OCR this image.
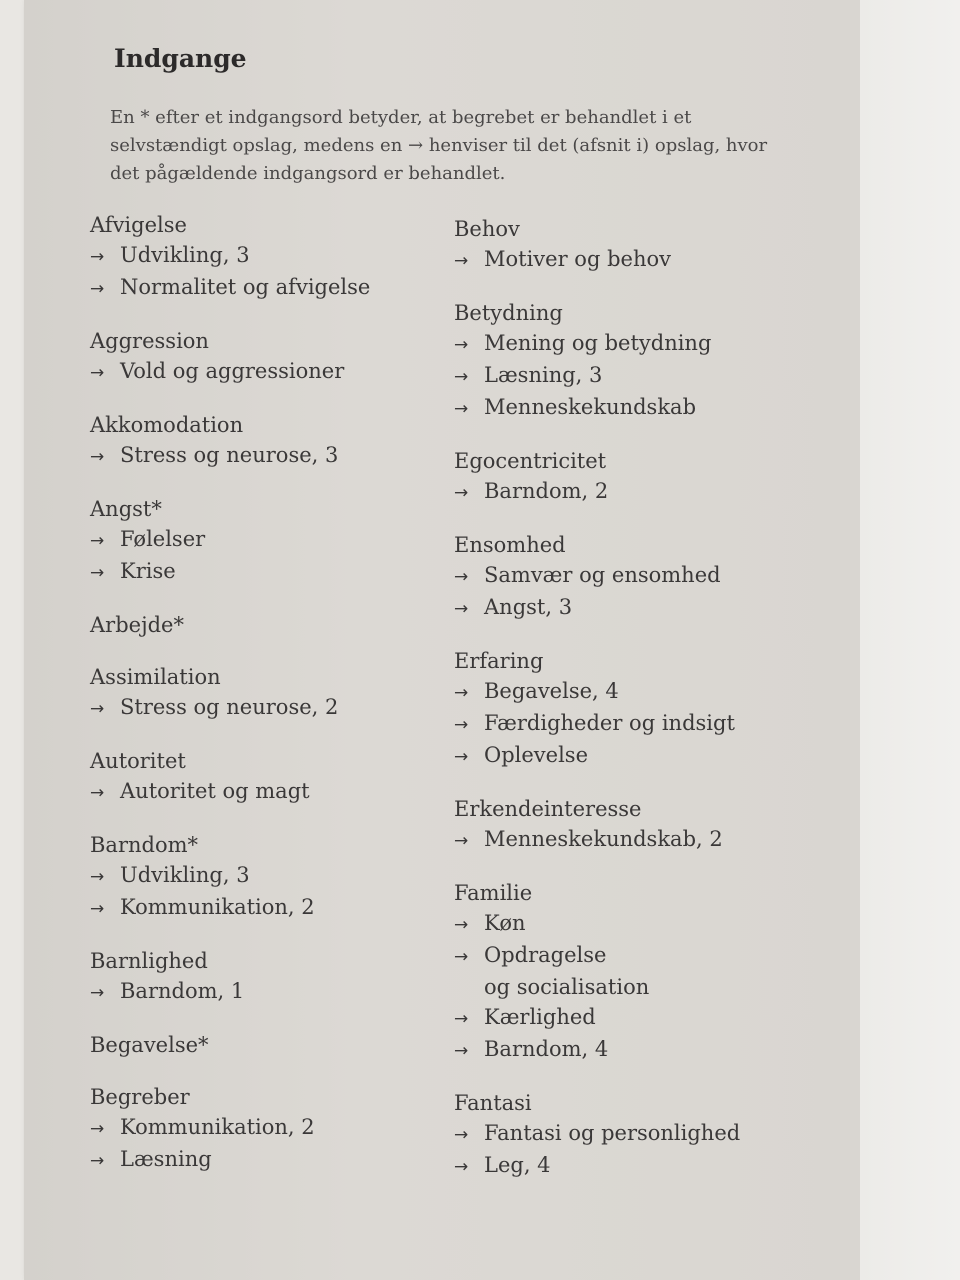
Indgange
En * efter et indgangsord betyder, at begrebet er behandlet i et selvstændigt opslag, medens en → henviser til det (afsnit i) opslag, hvor det pågældende indgangsord er behandlet.
Afvigelse
→ Udvikling, 3
→ Normalitet og afvigelse
Aggression
→ Vold og aggressioner
Akkomodation
→ Stress og neurose, 3
Angst*
→ Følelser
→ Krise
Arbejde*
Assimilation
→ Stress og neurose, 2
Autoritet
→ Autoritet og magt
Barndom*
→ Udvikling, 3
→ Kommunikation, 2
Barnlighed
→ Barndom, 1
Begavelse*
Begreber
→ Kommunikation, 2
→ Læsning
Behov
→ Motiver og behov
Betydning
→ Mening og betydning
→ Læsning, 3
→ Menneskekundskab
Egocentricitet
→ Barndom, 2
Ensomhed
→ Samvær og ensomhed
→ Angst, 3
Erfaring
→ Begavelse, 4
→ Færdigheder og indsigt
→ Oplevelse
Erkendeinteresse
→ Menneskekundskab, 2
Familie
→ Køn
→ Opdragelse
og socialisation
→ Kærlighed
→ Barndom, 4
Fantasi
→ Fantasi og personlighed
→ Leg, 4
